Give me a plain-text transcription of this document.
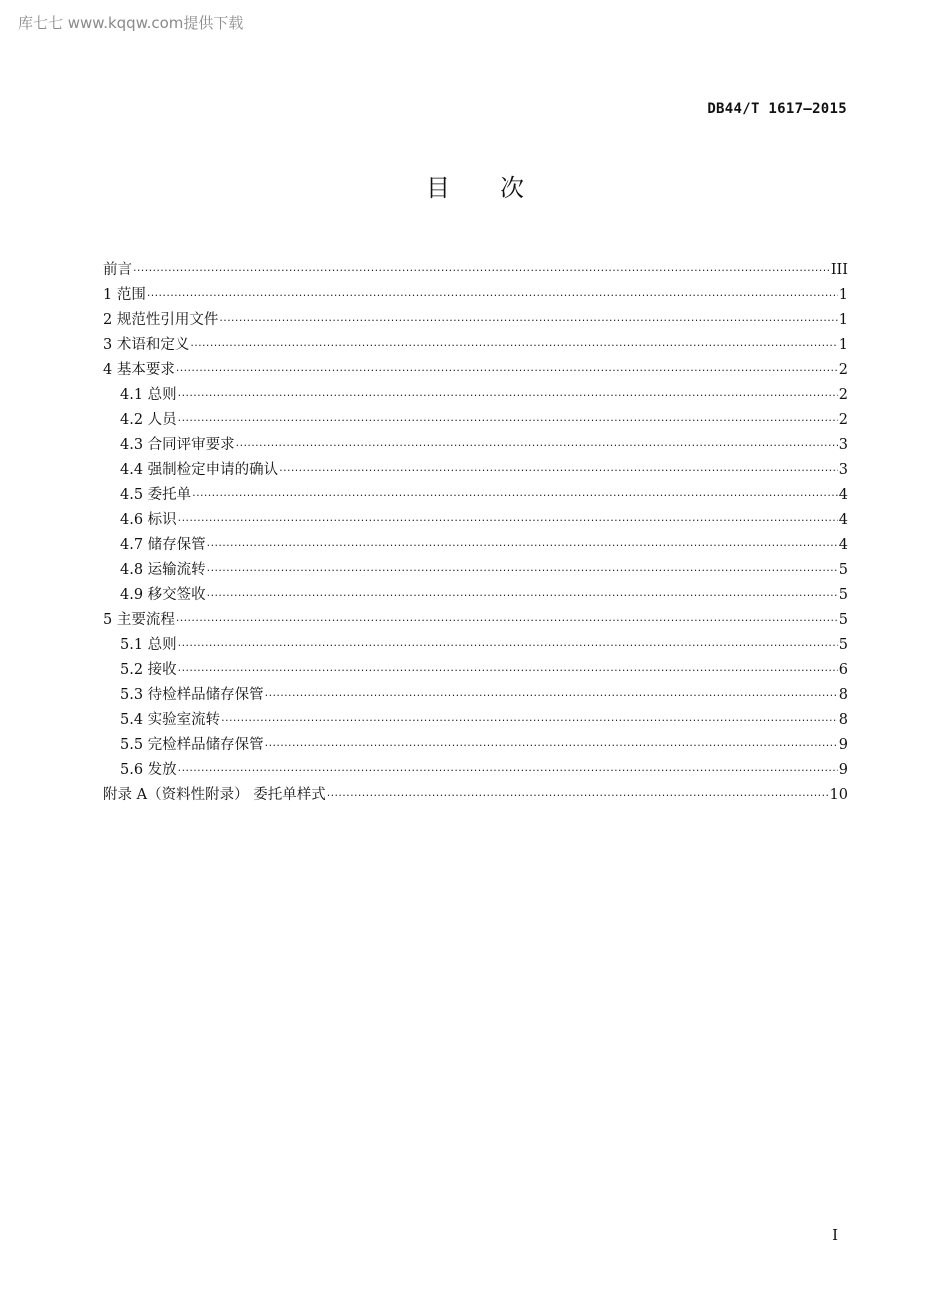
库七七 www.kqqw.com提供下载
DB44/T 1617—2015
目次
前言 ·····	III
1 范围 ·····	1
2 规范性引用文件 ·····	1
3 术语和定义 ·····	1
4 基本要求 ·····	2
4.1 总则 ·····	2
4.2 人员 ·····	2
4.3 合同评审要求 ·····	3
4.4 强制检定申请的确认 ·····	3
4.5 委托单 ·····	4
4.6 标识 ·····	4
4.7 储存保管 ·····	4
4.8 运输流转 ·····	5
4.9 移交签收 ·····	5
5 主要流程 ·····	5
5.1 总则 ·····	5
5.2 接收 ·····	6
5.3 待检样品储存保管 ·····	8
5.4 实验室流转 ·····	8
5.5 完检样品储存保管 ·····	9
5.6 发放 ·····	9
附录 A（资料性附录） 委托单样式 ·····	10
I
